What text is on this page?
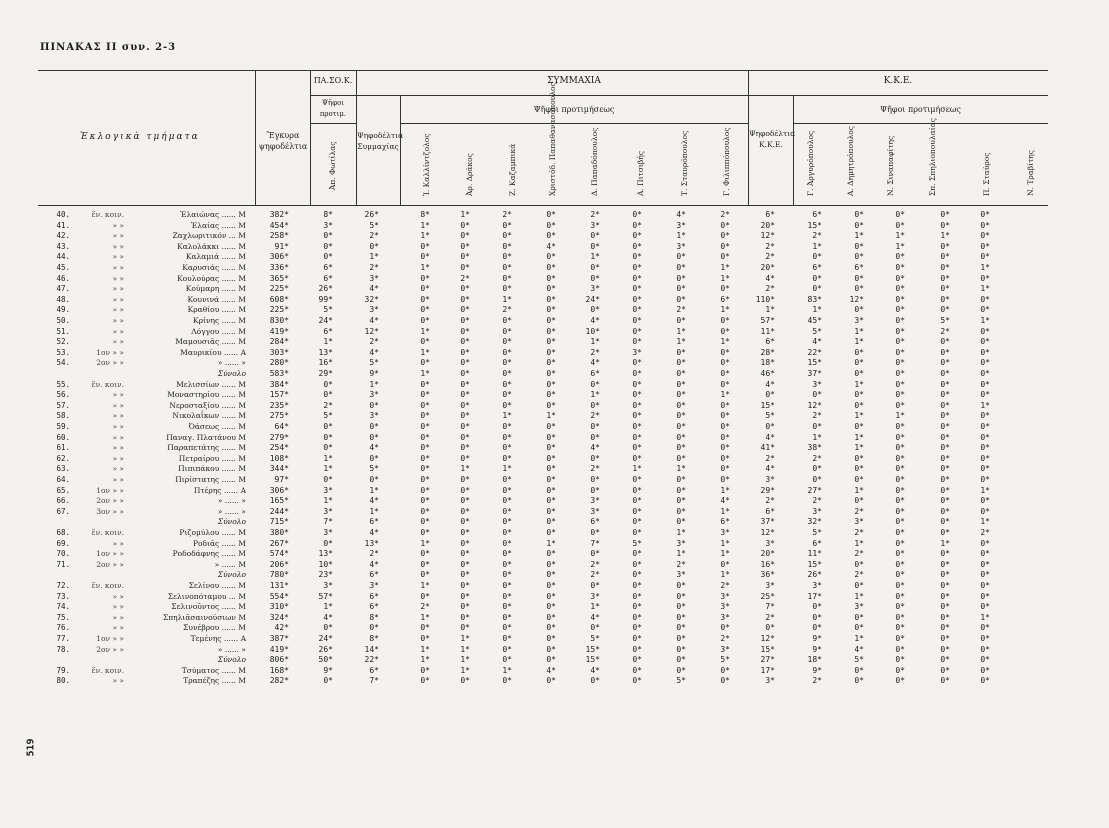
ΠΙΝΑΚΑΣ ΙΙ συν. 2-3
519
Ἐκλογικὰ τμήματα	Ἔγκυρα ψηφοδέλτια
ΠΑ.ΣΟ.Κ.
Ψῆφοι προτιμ.
Ἀπ. Φωτίλας
ΣΥΜΜΑΧΙΑ
Ψηφοδέλτια Συμμαχίας
Ψῆφοι προτιμήσεως
Ἰ. Καλλίντζολος	Ἀρ. Δράκος	Ζ. Καζαμπικά	Χριστόδ. Παπαθανασόπουλος	Δ. Παπαδόπουλος	Α. Πιτσιβής	Τ. Σταυρόπουλος	Γ. Φιλιππόπουλος
Κ.Κ.Ε.
Ψηφοδέλτια Κ.Κ.Ε.
Ψῆφοι προτιμήσεως
Γ. Ἀργυρόπουλος	Α. Δημητρόπουλος	Ν. Σιναπαφίτης	Σπ. Σπηλιοπουλαίας	Π. Σταύρος	Ν. Τραβίτης
40.	ἕν. κοιν.	Ἐλαιώνας ...... Μ	382*	8*	26*	8*	1*	2*	0*	2*	0*	4*	2*	6*	6*	0*	0*	0*	0*
41.	» »	Ἐλαίας ...... Μ	454*	3*	5*	1*	0*	0*	0*	3*	0*	3*	0*	20*	15*	0*	0*	0*	0*
42.	» »	Ζαχλωριτικόν ... Μ	258*	0*	2*	1*	0*	0*	0*	0*	0*	1*	0*	12*	2*	1*	1*	1*	0*
43.	» »	Καλολάκκι ...... Μ	91*	0*	0*	0*	0*	0*	4*	0*	0*	3*	0*	2*	1*	0*	1*	0*	0*
44.	» »	Καλαμιά ...... Μ	306*	0*	1*	0*	0*	0*	0*	1*	0*	0*	0*	2*	0*	0*	0*	0*	0*
45.	» »	Καρυσιάς ...... Μ	336*	6*	2*	1*	0*	0*	0*	0*	0*	0*	1*	20*	6*	6*	0*	0*	1*
46.	» »	Κουλούρας ...... Μ	365*	6*	3*	0*	2*	0*	0*	0*	0*	0*	1*	4*	0*	0*	0*	0*	0*
47.	» »	Κούμαρη ...... Μ	225*	26*	4*	0*	0*	0*	0*	3*	0*	0*	0*	2*	0*	0*	0*	0*	1*
48.	» »	Κουνινά ...... Μ	608*	99*	32*	0*	0*	1*	0*	24*	0*	0*	6*	110*	83*	12*	0*	0*	0*
49.	» »	Κραθίου ...... Μ	225*	5*	3*	0*	0*	2*	0*	0*	0*	2*	1*	1*	1*	0*	0*	0*	0*
50.	» »	Κρίνης ...... Μ	830*	24*	4*	0*	0*	0*	0*	4*	0*	0*	0*	57*	45*	3*	0*	5*	1*
51.	» »	Λόγγου ...... Μ	419*	6*	12*	1*	0*	0*	0*	10*	0*	1*	0*	11*	5*	1*	0*	2*	0*
52.	» »	Μαμουσιᾶς ...... Μ	284*	1*	2*	0*	0*	0*	0*	1*	0*	1*	1*	6*	4*	1*	0*	0*	0*
53.	1ον » »	Μαυρικίου ...... Α	303*	13*	4*	1*	0*	0*	0*	2*	3*	0*	0*	28*	22*	0*	0*	0*	0*
54.	2ον » »	» ...... »	280*	16*	5*	0*	0*	0*	0*	4*	0*	0*	0*	18*	15*	0*	0*	0*	0*
Σύνολο	583*	29*	9*	1*	0*	0*	0*	6*	0*	0*	0*	46*	37*	0*	0*	0*	0*
55.	ἕν. κοιν.	Μελισσίων ...... Μ	384*	0*	1*	0*	0*	0*	0*	0*	0*	0*	0*	4*	3*	1*	0*	0*	0*
56.	» »	Μοναστηρίου ...... Μ	157*	0*	3*	0*	0*	0*	0*	1*	0*	0*	1*	0*	0*	0*	0*	0*	0*
57.	» »	Νεροσταξίου ...... Μ	235*	2*	0*	0*	0*	0*	0*	0*	0*	0*	0*	15*	12*	0*	0*	0*	1*
58.	» »	Νικολαΐκων ...... Μ	275*	5*	3*	0*	0*	1*	1*	2*	0*	0*	0*	5*	2*	1*	1*	0*	0*
59.	» »	Ὀάσεως ...... Μ	64*	0*	0*	0*	0*	0*	0*	0*	0*	0*	0*	0*	0*	0*	0*	0*	0*
60.	» »	Παναγ. Πλατάνου Μ	279*	0*	0*	0*	0*	0*	0*	0*	0*	0*	0*	4*	1*	1*	0*	0*	0*
61.	» »	Παραπετάτης ...... Μ	254*	0*	4*	0*	0*	0*	0*	4*	0*	0*	0*	41*	38*	1*	0*	0*	0*
62.	» »	Πετραίρου ...... Μ	108*	1*	0*	0*	0*	0*	0*	0*	0*	0*	0*	2*	2*	0*	0*	0*	0*
63.	» »	Πιπιπάκου ...... Μ	344*	1*	5*	0*	1*	1*	0*	2*	1*	1*	0*	4*	0*	0*	0*	0*	0*
64.	» »	Πιρίστατης ...... Μ	97*	0*	0*	0*	0*	0*	0*	0*	0*	0*	0*	3*	0*	0*	0*	0*	0*
65.	1ον » »	Πτέρης ...... Α	306*	3*	1*	0*	0*	0*	0*	0*	0*	0*	1*	29*	27*	1*	0*	0*	1*
66.	2ον » »	» ...... »	165*	1*	4*	0*	0*	0*	0*	3*	0*	0*	4*	2*	2*	0*	0*	0*	0*
67.	3ον » »	» ...... »	244*	3*	1*	0*	0*	0*	0*	3*	0*	0*	1*	6*	3*	2*	0*	0*	0*
Σύνολο	715*	7*	6*	0*	0*	0*	0*	6*	0*	0*	6*	37*	32*	3*	0*	0*	1*
68.	ἕν. κοιν.	Ριζομύλου ...... Μ	380*	3*	4*	0*	0*	0*	0*	0*	0*	1*	3*	12*	5*	2*	0*	0*	2*
69.	» »	Ροδιᾶς ...... Μ	267*	0*	13*	1*	0*	0*	1*	7*	5*	3*	1*	3*	6*	1*	0*	1*	0*
70.	1ον » »	Ροδοδάφνης ...... Μ	574*	13*	2*	0*	0*	0*	0*	0*	0*	1*	1*	20*	11*	2*	0*	0*	0*
71.	2ον » »	» ...... Μ	206*	10*	4*	0*	0*	0*	0*	2*	0*	2*	0*	16*	15*	0*	0*	0*	0*
Σύνολο	780*	23*	6*	0*	0*	0*	0*	2*	0*	3*	1*	36*	26*	2*	0*	0*	0*
72.	ἕν. κοιν.	Σελίνου ...... Μ	131*	3*	3*	1*	0*	0*	0*	0*	0*	0*	2*	3*	3*	0*	0*	0*	0*
73.	» »	Σελινοπόταμου ... Μ	554*	57*	6*	0*	0*	0*	0*	3*	0*	0*	3*	25*	17*	1*	0*	0*	0*
74.	» »	Σελινοῦντος ...... Μ	310*	1*	6*	2*	0*	0*	0*	1*	0*	0*	3*	7*	0*	3*	0*	0*	0*
75.	» »	Σπηλιᾶσαινούσιων Μ	324*	4*	8*	1*	0*	0*	0*	4*	0*	0*	3*	2*	0*	0*	0*	0*	1*
76.	» »	Συνέβρου ...... Μ	42*	0*	0*	0*	0*	0*	0*	0*	0*	0*	0*	0*	0*	0*	0*	0*	0*
77.	1ον » »	Τεμένης ...... Α	387*	24*	8*	0*	1*	0*	0*	5*	0*	0*	2*	12*	9*	1*	0*	0*	0*
78.	2ον » »	» ...... »	419*	26*	14*	1*	1*	0*	0*	15*	0*	0*	3*	15*	9*	4*	0*	0*	0*
Σύνολο	806*	50*	22*	1*	1*	0*	0*	15*	0*	0*	5*	27*	18*	5*	0*	0*	0*
79.	ἕν. κοιν.	Τσύματος ...... Μ	168*	9*	6*	0*	1*	1*	4*	4*	0*	0*	0*	17*	9*	0*	0*	0*	0*
80.	» »	Τραπέζης ...... Μ	282*	0*	7*	0*	0*	0*	0*	0*	0*	5*	0*	3*	2*	0*	0*	0*	0*
